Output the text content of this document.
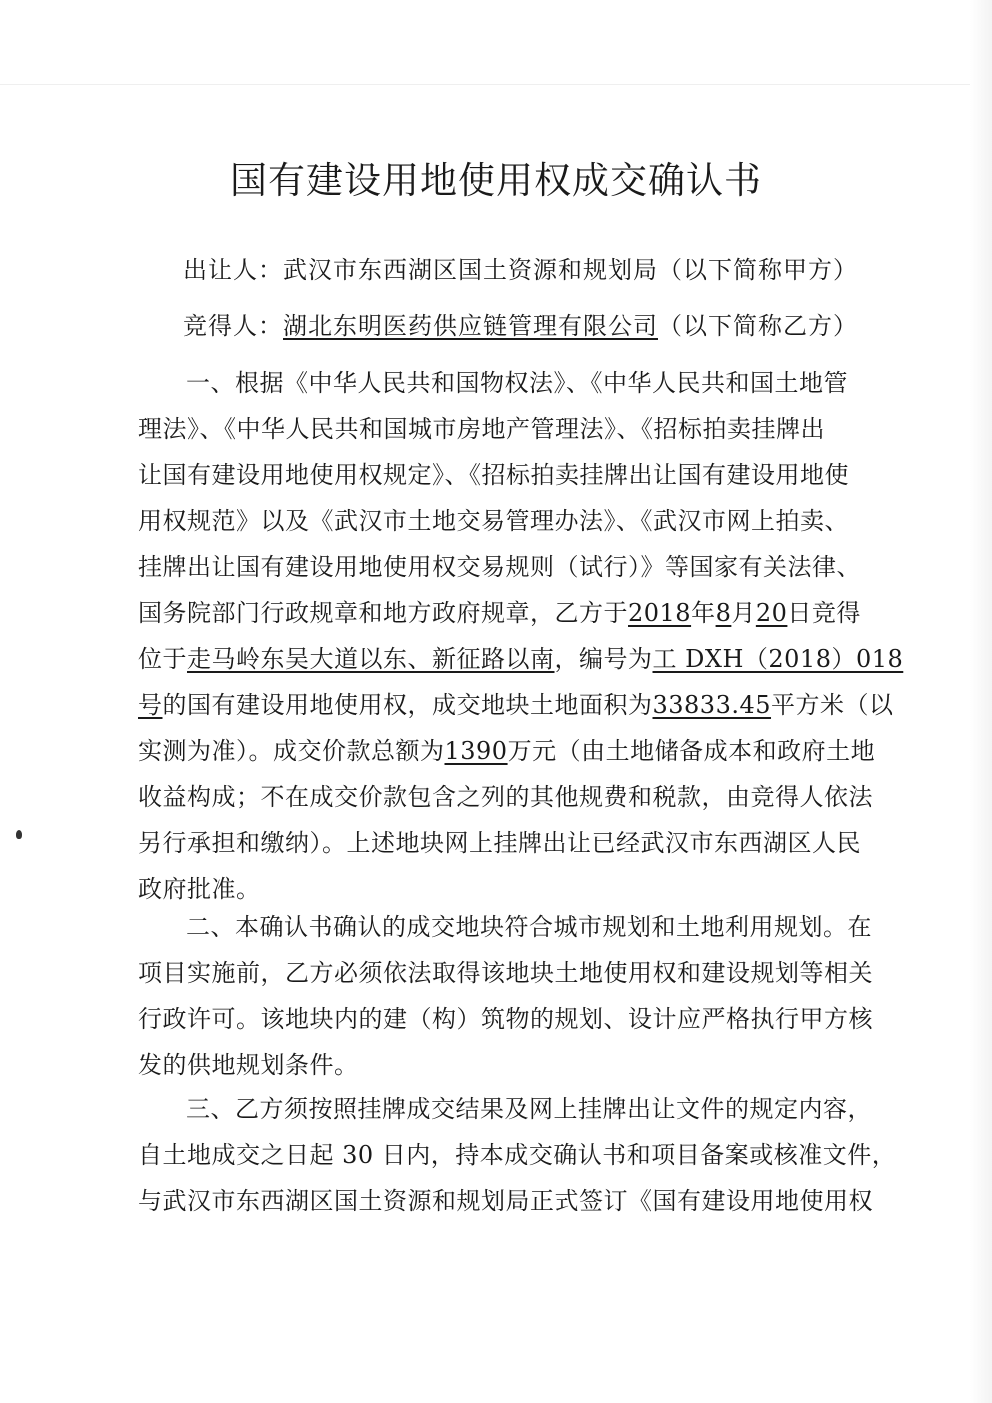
国有建设用地使用权成交确认书
出让人：武汉市东西湖区国土资源和规划局（以下简称甲方）
竞得人：湖北东明医药供应链管理有限公司（以下简称乙方）
一、根据《中华人民共和国物权法》、《中华人民共和国土地管
理法》、《中华人民共和国城市房地产管理法》、《招标拍卖挂牌出
让国有建设用地使用权规定》、《招标拍卖挂牌出让国有建设用地使
用权规范》以及《武汉市土地交易管理办法》、《武汉市网上拍卖、
挂牌出让国有建设用地使用权交易规则（试行）》等国家有关法律、
国务院部门行政规章和地方政府规章，乙方于2018年8月20日竞得
位于走马岭东吴大道以东、新征路以南，编号为工 DXH（2018）018
号的国有建设用地使用权，成交地块土地面积为33833.45平方米（以
实测为准）。成交价款总额为1390万元（由土地储备成本和政府土地
收益构成；不在成交价款包含之列的其他规费和税款，由竞得人依法
另行承担和缴纳）。上述地块网上挂牌出让已经武汉市东西湖区人民
政府批准。
二、本确认书确认的成交地块符合城市规划和土地利用规划。在
项目实施前，乙方必须依法取得该地块土地使用权和建设规划等相关
行政许可。该地块内的建（构）筑物的规划、设计应严格执行甲方核
发的供地规划条件。
三、乙方须按照挂牌成交结果及网上挂牌出让文件的规定内容，
自土地成交之日起 30 日内，持本成交确认书和项目备案或核准文件，
与武汉市东西湖区国土资源和规划局正式签订《国有建设用地使用权
